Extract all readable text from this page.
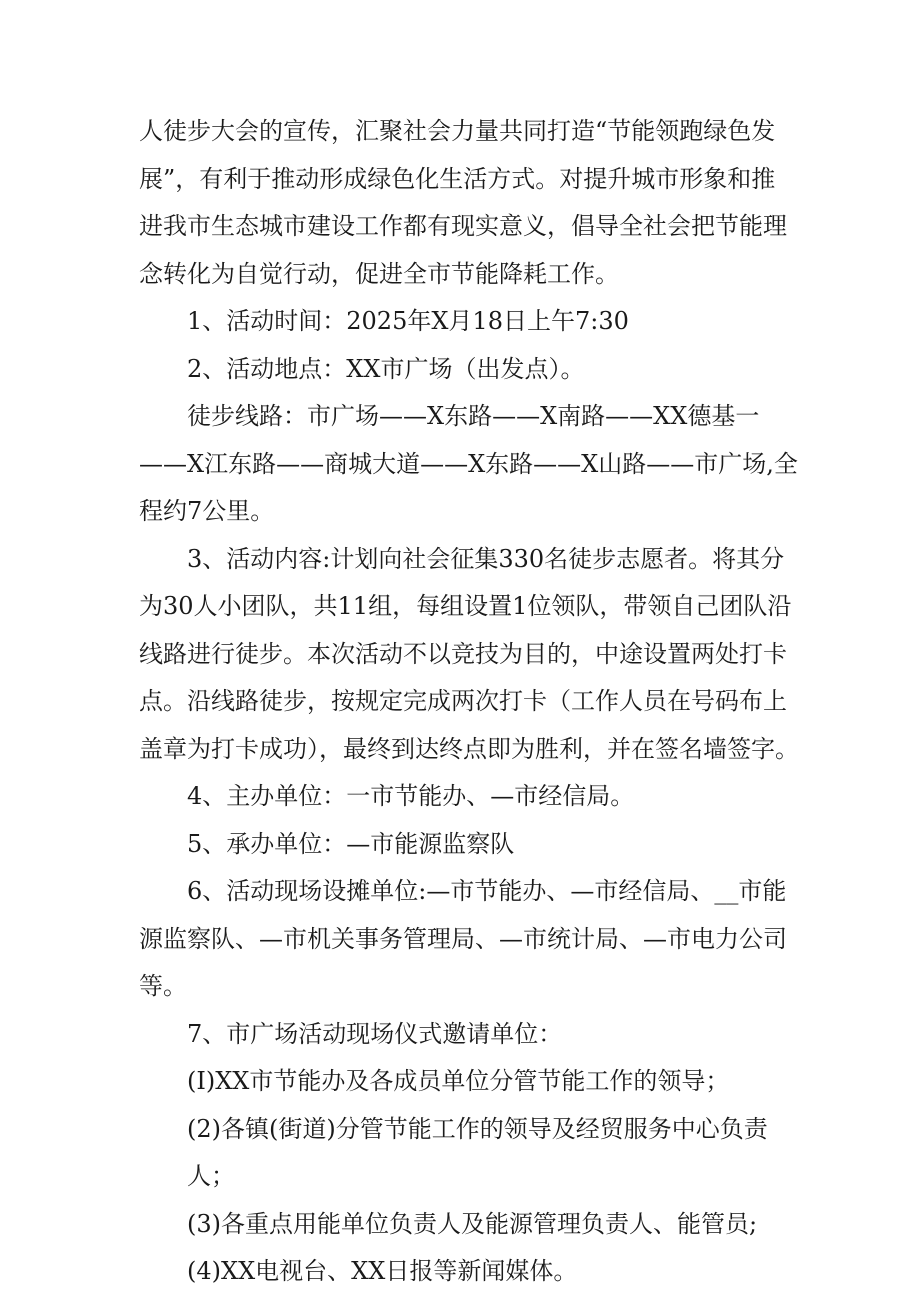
人徒步大会的宣传，汇聚社会力量共同打造“节能领跑绿色发展”，有利于推动形成绿色化生活方式。对提升城市形象和推进我市生态城市建设工作都有现实意义，倡导全社会把节能理念转化为自觉行动，促进全市节能降耗工作。

1、活动时间：2025年X月18日上午7:30

2、活动地点：XX市广场（出发点）。

徒步线路：市广场——X东路——X南路——XX德基一——X江东路——商城大道——X东路——X山路——市广场,全程约7公里。

3、活动内容:计划向社会征集330名徒步志愿者。将其分为30人小团队，共11组，每组设置1位领队，带领自己团队沿线路进行徒步。本次活动不以竞技为目的，中途设置两处打卡点。沿线路徒步，按规定完成两次打卡（工作人员在号码布上盖章为打卡成功），最终到达终点即为胜利，并在签名墙签字。

4、主办单位：一市节能办、—市经信局。

5、承办单位：—市能源监察队

6、活动现场设摊单位:—市节能办、—市经信局、__市能源监察队、—市机关事务管理局、—市统计局、—市电力公司等。

7、市广场活动现场仪式邀请单位：

(I)XX市节能办及各成员单位分管节能工作的领导；

(2)各镇(街道)分管节能工作的领导及经贸服务中心负责人；

(3)各重点用能单位负责人及能源管理负责人、能管员;

(4)XX电视台、XX日报等新闻媒体。
